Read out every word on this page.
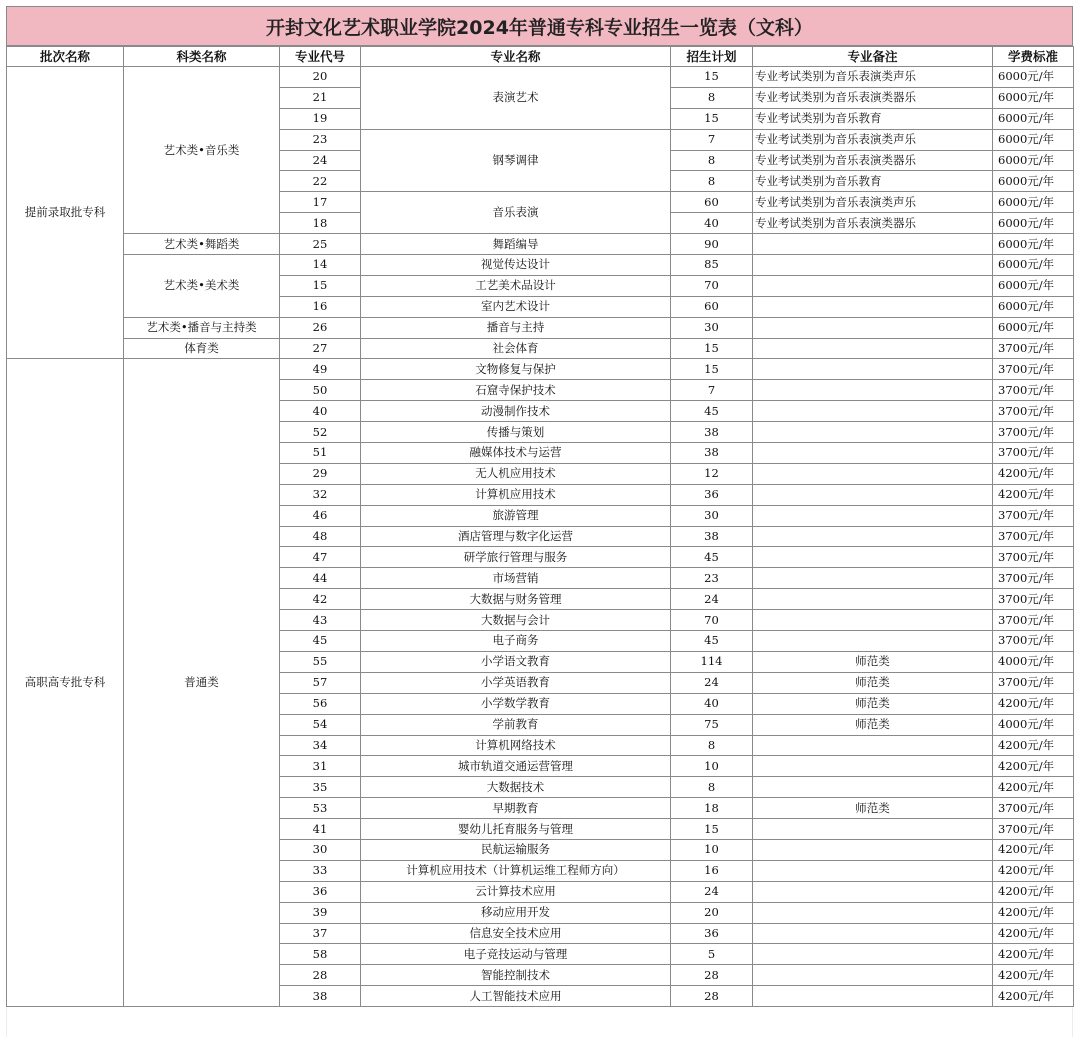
开封文化艺术职业学院2024年普通专科专业招生一览表（文科）
批次名称	科类名称	专业代号	专业名称	招生计划	专业备注	学费标准
提前录取批专科	艺术类•音乐类	20	表演艺术	15	专业考试类别为音乐表演类声乐	6000元/年
		21		8	专业考试类别为音乐表演类器乐	6000元/年
		19		15	专业考试类别为音乐教育	6000元/年
		23	钢琴调律	7	专业考试类别为音乐表演类声乐	6000元/年
		24		8	专业考试类别为音乐表演类器乐	6000元/年
		22		8	专业考试类别为音乐教育	6000元/年
		17	音乐表演	60	专业考试类别为音乐表演类声乐	6000元/年
		18		40	专业考试类别为音乐表演类器乐	6000元/年
	艺术类•舞蹈类	25	舞蹈编导	90		6000元/年
	艺术类•美术类	14	视觉传达设计	85		6000元/年
		15	工艺美术品设计	70		6000元/年
		16	室内艺术设计	60		6000元/年
	艺术类•播音与主持类	26	播音与主持	30		6000元/年
	体育类	27	社会体育	15		3700元/年
高职高专批专科	普通类	49	文物修复与保护	15		3700元/年
		50	石窟寺保护技术	7		3700元/年
		40	动漫制作技术	45		3700元/年
		52	传播与策划	38		3700元/年
		51	融媒体技术与运营	38		3700元/年
		29	无人机应用技术	12		4200元/年
		32	计算机应用技术	36		4200元/年
		46	旅游管理	30		3700元/年
		48	酒店管理与数字化运营	38		3700元/年
		47	研学旅行管理与服务	45		3700元/年
		44	市场营销	23		3700元/年
		42	大数据与财务管理	24		3700元/年
		43	大数据与会计	70		3700元/年
		45	电子商务	45		3700元/年
		55	小学语文教育	114	师范类	4000元/年
		57	小学英语教育	24	师范类	3700元/年
		56	小学数学教育	40	师范类	4200元/年
		54	学前教育	75	师范类	4000元/年
		34	计算机网络技术	8		4200元/年
		31	城市轨道交通运营管理	10		4200元/年
		35	大数据技术	8		4200元/年
		53	早期教育	18	师范类	3700元/年
		41	婴幼儿托育服务与管理	15		3700元/年
		30	民航运输服务	10		4200元/年
		33	计算机应用技术（计算机运维工程师方向）	16		4200元/年
		36	云计算技术应用	24		4200元/年
		39	移动应用开发	20		4200元/年
		37	信息安全技术应用	36		4200元/年
		58	电子竞技运动与管理	5		4200元/年
		28	智能控制技术	28		4200元/年
		38	人工智能技术应用	28		4200元/年
